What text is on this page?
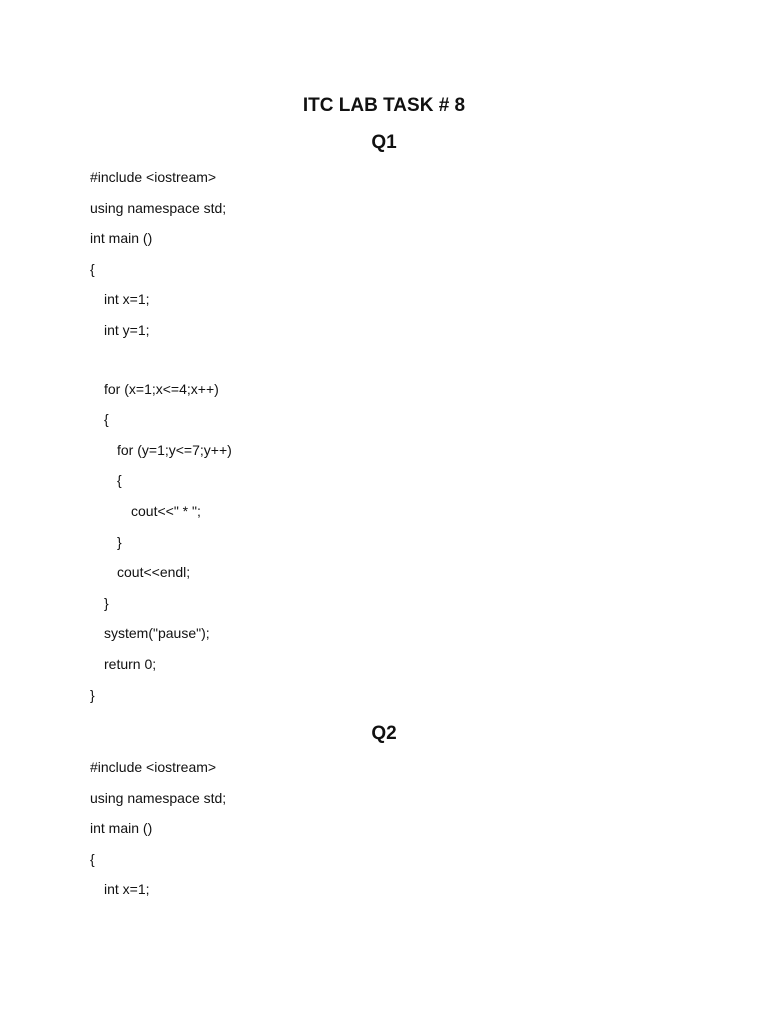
ITC LAB TASK # 8
Q1
#include <iostream>
using namespace std;
int main ()
{
int x=1;
int y=1;
for (x=1;x<=4;x++)
{
for (y=1;y<=7;y++)
{
cout<<" * ";
}
cout<<endl;
}
system("pause");
return 0;
}
Q2
#include <iostream>
using namespace std;
int main ()
{
int x=1;
